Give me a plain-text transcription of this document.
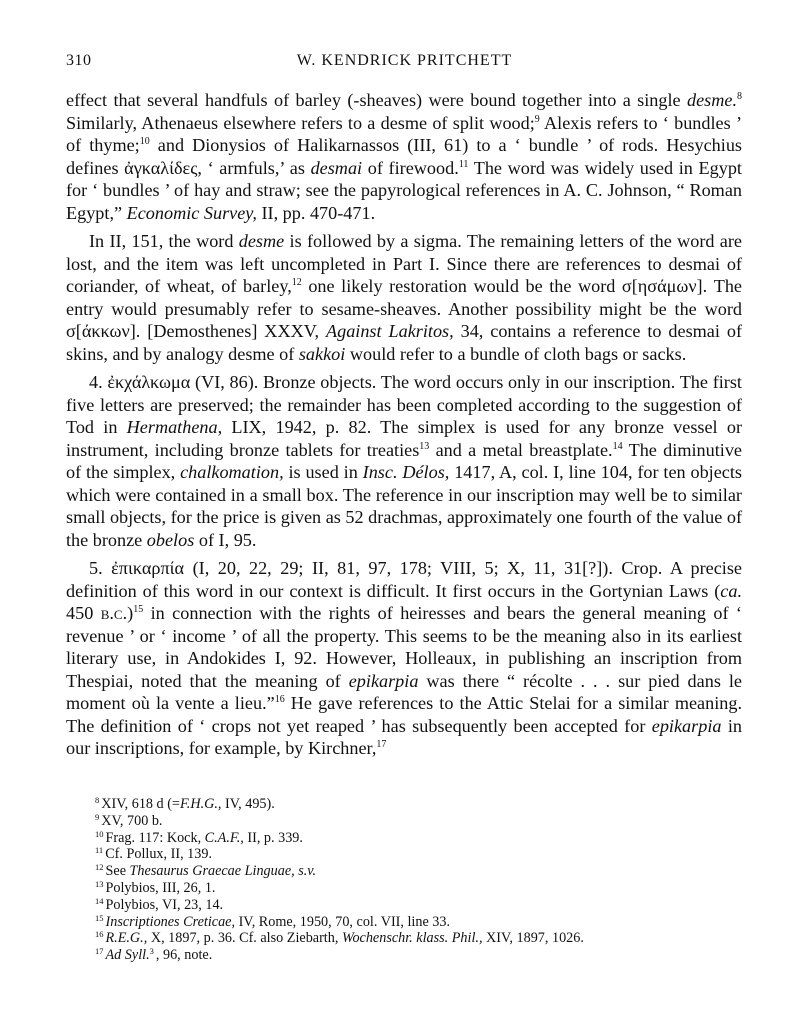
310	W. KENDRICK PRITCHETT

effect that several handfuls of barley (-sheaves) were bound together into a single desme.$^8$ Similarly, Athenaeus elsewhere refers to a desme of split wood;$^9$ Alexis refers to ‘ bundles ’ of thyme;$^{10}$ and Dionysios of Halikarnassos (III, 61) to a ‘ bundle ’ of rods. Hesychius defines ἀγκαλίδες, ‘ armfuls,’ as desmai of firewood.$^{11}$ The word was widely used in Egypt for ‘ bundles ’ of hay and straw; see the papyrological references in A. C. Johnson, “ Roman Egypt,” Economic Survey, II, pp. 470-471.

In II, 151, the word desme is followed by a sigma. The remaining letters of the word are lost, and the item was left uncompleted in Part I. Since there are references to desmai of coriander, of wheat, of barley,$^{12}$ one likely restoration would be the word σ[ησάμων]. The entry would presumably refer to sesame-sheaves. Another possibility might be the word σ[άκκων]. [Demosthenes] XXXV, Against Lakritos, 34, contains a reference to desmai of skins, and by analogy desme of sakkoi would refer to a bundle of cloth bags or sacks.

4. ἐκχάλκωμα (VI, 86). Bronze objects. The word occurs only in our inscription. The first five letters are preserved; the remainder has been completed according to the suggestion of Tod in Hermathena, LIX, 1942, p. 82. The simplex is used for any bronze vessel or instrument, including bronze tablets for treaties$^{13}$ and a metal breastplate.$^{14}$ The diminutive of the simplex, chalkomation, is used in Insc. Délos, 1417, A, col. I, line 104, for ten objects which were contained in a small box. The reference in our inscription may well be to similar small objects, for the price is given as 52 drachmas, approximately one fourth of the value of the bronze obelos of I, 95.

5. ἐπικαρπία (I, 20, 22, 29; II, 81, 97, 178; VIII, 5; X, 11, 31[?]). Crop. A precise definition of this word in our context is difficult. It first occurs in the Gortynian Laws (ca. 450 b.c.)$^{15}$ in connection with the rights of heiresses and bears the general meaning of ‘ revenue ’ or ‘ income ’ of all the property. This seems to be the meaning also in its earliest literary use, in Andokides I, 92. However, Holleaux, in publishing an inscription from Thespiai, noted that the meaning of epikarpia was there “ récolte . . . sur pied dans le moment où la vente a lieu.”$^{16}$ He gave references to the Attic Stelai for a similar meaning. The definition of ‘ crops not yet reaped ’ has subsequently been accepted for epikarpia in our inscriptions, for example, by Kirchner,$^{17}$

$^8$ XIV, 618 d (=F.H.G., IV, 495).
$^9$ XV, 700 b.
$^{10}$ Frag. 117: Kock, C.A.F., II, p. 339.
$^{11}$ Cf. Pollux, II, 139.
$^{12}$ See Thesaurus Graecae Linguae, s.v.
$^{13}$ Polybios, III, 26, 1.
$^{14}$ Polybios, VI, 23, 14.
$^{15}$ Inscriptiones Creticae, IV, Rome, 1950, 70, col. VII, line 33.
$^{16}$ R.E.G., X, 1897, p. 36. Cf. also Ziebarth, Wochenschr. klass. Phil., XIV, 1897, 1026.
$^{17}$ Ad Syll.$^3$ , 96, note.
